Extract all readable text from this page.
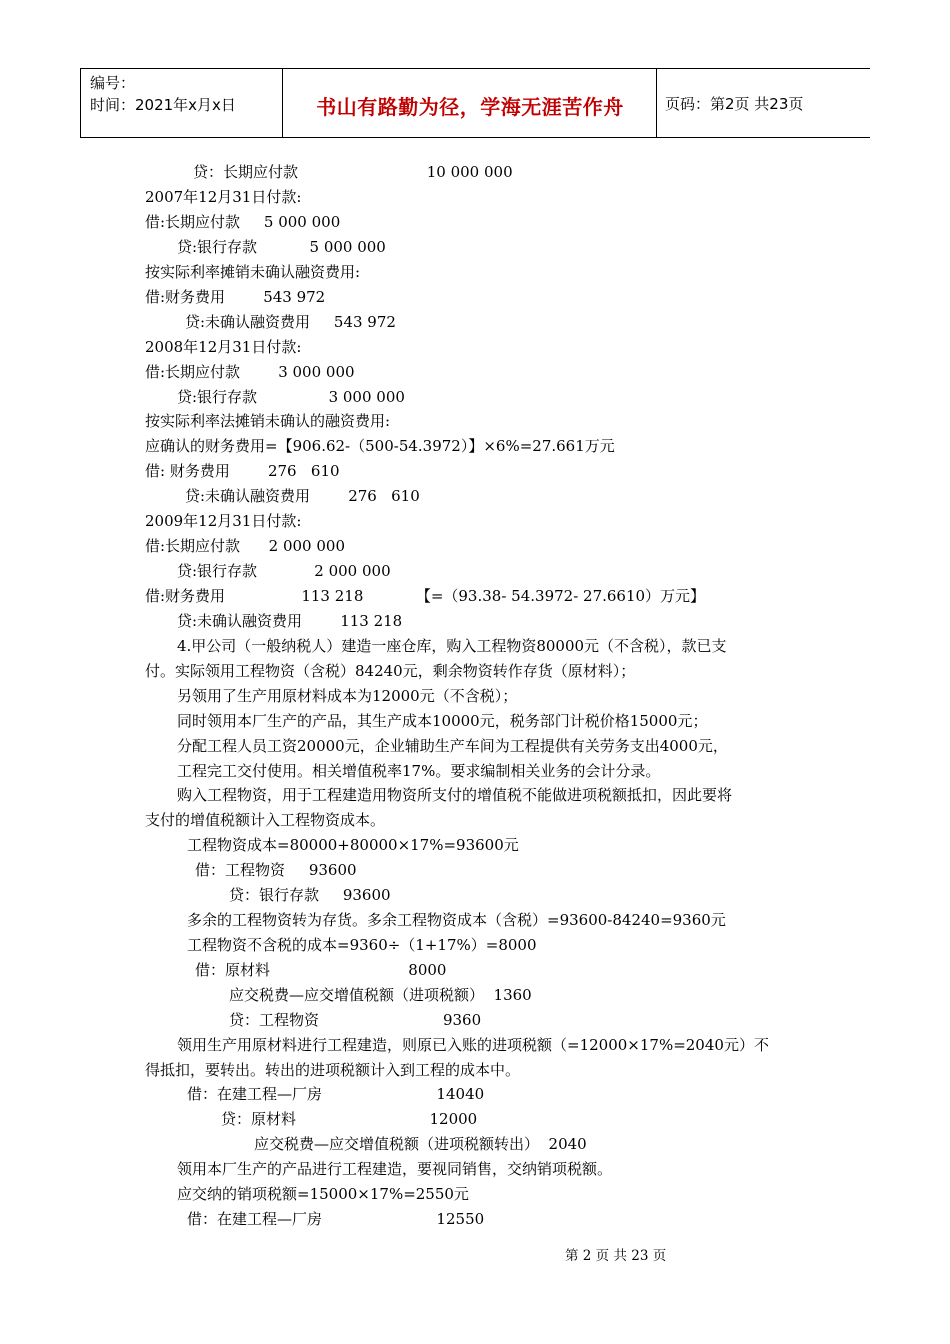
编号：
时间：2021年x月x日	书山有路勤为径，学海无涯苦作舟	页码：第2页 共23页
贷：长期应付款                           10 000 000
2007年12月31日付款:
借:长期应付款     5 000 000
贷:银行存款           5 000 000
按实际利率摊销未确认融资费用:
借:财务费用        543 972
贷:未确认融资费用     543 972
2008年12月31日付款:
借:长期应付款        3 000 000
贷:银行存款               3 000 000
按实际利率法摊销未确认的融资费用:
应确认的财务费用=【906.62-（500-54.3972）】×6%=27.661万元
借: 财务费用        276   610
贷:未确认融资费用        276   610
2009年12月31日付款:
借:长期应付款      2 000 000
贷:银行存款            2 000 000
借:财务费用                113 218           【=（93.38- 54.3972- 27.6610）万元】
贷:未确认融资费用        113 218
4.甲公司（一般纳税人）建造一座仓库，购入工程物资80000元（不含税），款已支
付。实际领用工程物资（含税）84240元，剩余物资转作存货（原材料）；
另领用了生产用原材料成本为12000元（不含税）；
同时领用本厂生产的产品，其生产成本10000元，税务部门计税价格15000元；
分配工程人员工资20000元，企业辅助生产车间为工程提供有关劳务支出4000元，
工程完工交付使用。相关增值税率17%。要求编制相关业务的会计分录。
购入工程物资，用于工程建造用物资所支付的增值税不能做进项税额抵扣，因此要将
支付的增值税额计入工程物资成本。
工程物资成本=80000+80000×17%=93600元
借：工程物资     93600
贷：银行存款     93600
多余的工程物资转为存货。多余工程物资成本（含税）=93600-84240=9360元
工程物资不含税的成本=9360÷（1+17%）=8000
借：原材料                             8000
应交税费—应交增值税额（进项税额）  1360
贷：工程物资                          9360
领用生产用原材料进行工程建造，则原已入账的进项税额（=12000×17%=2040元）不
得抵扣，要转出。转出的进项税额计入到工程的成本中。
借：在建工程—厂房                        14040
贷：原材料                            12000
应交税费—应交增值税额（进项税额转出）  2040
领用本厂生产的产品进行工程建造，要视同销售，交纳销项税额。
应交纳的销项税额=15000×17%=2550元
借：在建工程—厂房                        12550
第 2 页 共 23 页
